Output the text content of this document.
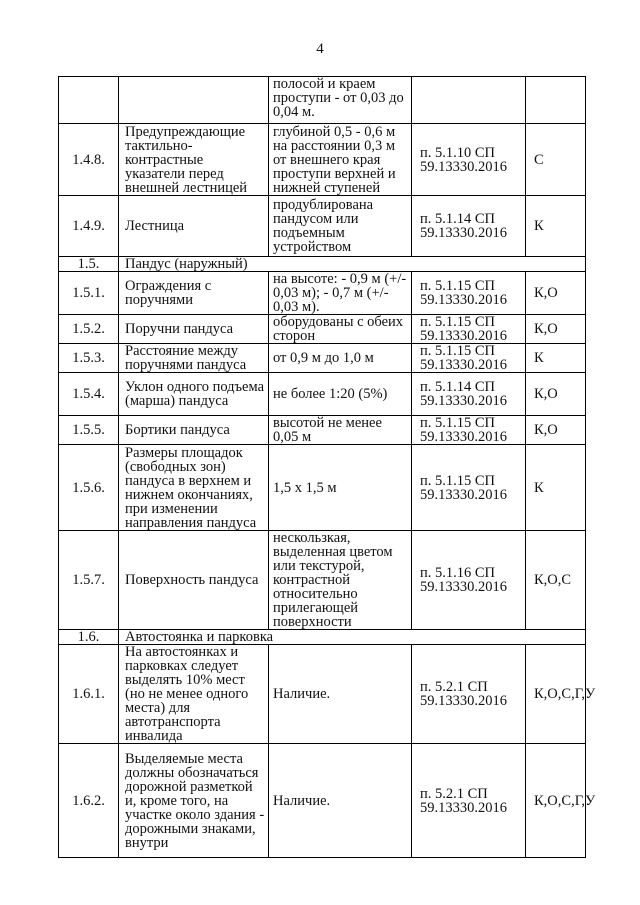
4
		полосой и краем проступи - от 0,03 до 0,04 м.		
1.4.8.	Предупреждающие тактильно-контрастные указатели перед внешней лестницей	глубиной 0,5 - 0,6 м на расстоянии 0,3 м от внешнего края проступи верхней и нижней ступеней	п. 5.1.10 СП 59.13330.2016	С
1.4.9.	Лестница	продублирована пандусом или подъемным устройством	п. 5.1.14 СП 59.13330.2016	К
1.5.	Пандус (наружный)			
1.5.1.	Ограждения с поручнями	на высоте: - 0,9 м (+/- 0,03 м); - 0,7 м (+/- 0,03 м).	п. 5.1.15 СП 59.13330.2016	К,О
1.5.2.	Поручни пандуса	оборудованы с обеих сторон	п. 5.1.15 СП 59.13330.2016	К,О
1.5.3.	Расстояние между поручнями пандуса	от 0,9 м до 1,0 м	п. 5.1.15 СП 59.13330.2016	К
1.5.4.	Уклон одного подъема (марша) пандуса	не более 1:20 (5%)	п. 5.1.14 СП 59.13330.2016	К,О
1.5.5.	Бортики пандуса	высотой не менее 0,05 м	п. 5.1.15 СП 59.13330.2016	К,О
1.5.6.	Размеры площадок (свободных зон) пандуса в верхнем и нижнем окончаниях, при изменении направления пандуса	1,5 х 1,5 м	п. 5.1.15 СП 59.13330.2016	К
1.5.7.	Поверхность пандуса	нескользкая, выделенная цветом или текстурой, контрастной относительно прилегающей поверхности	п. 5.1.16 СП 59.13330.2016	К,О,С
1.6.	Автостоянка и парковка			
1.6.1.	На автостоянках и парковках следует выделять 10% мест (но не менее одного места) для автотранспорта инвалида	Наличие.	п. 5.2.1 СП 59.13330.2016	К,О,С,Г,У
1.6.2.	Выделяемые места должны обозначаться дорожной разметкой и, кроме того, на участке около здания - дорожными знаками, внутри	Наличие.	п. 5.2.1 СП 59.13330.2016	К,О,С,Г,У
